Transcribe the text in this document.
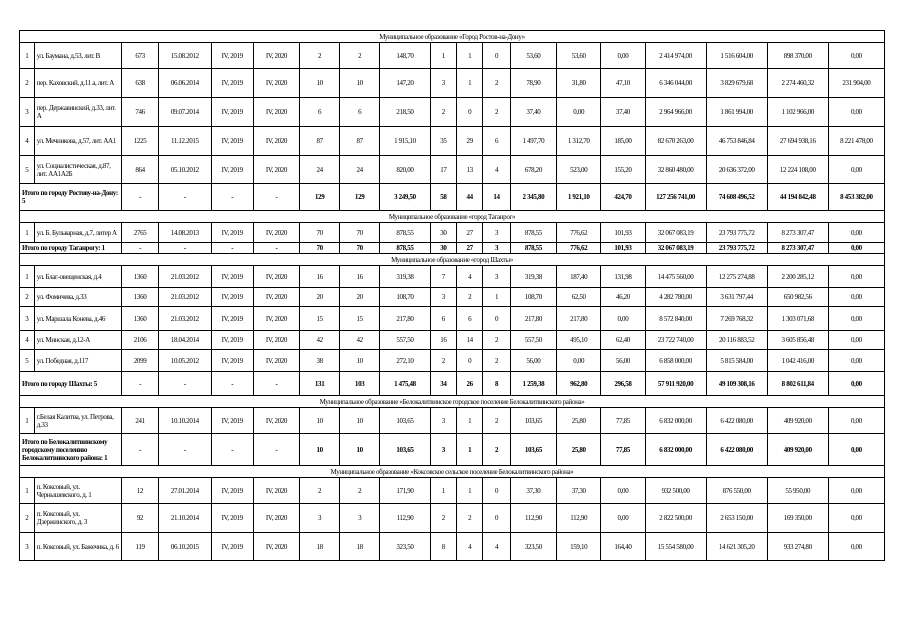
Муниципальное образование «Город Ростов-на-Дону»																		
1	ул. Баумана, д.53, лит. В	673	15.08.2012	IV, 2019	IV, 2020	2	2	148,70	1	1	0	53,60	53,60	0,00	2 414 974,00	1 516 604,00	898 370,00	0,00
2	пер. Каховский, д.11 а, лит. А	638	06.06.2014	IV, 2019	IV, 2020	10	10	147,20	3	1	2	78,90	31,80	47,10	6 346 044,00	3 829 679,68	2 274 460,32	231 904,00
3	пер. Державинский, д.33, лит. А	746	09.07.2014	IV, 2019	IV, 2020	6	6	218,50	2	0	2	37,40	0,00	37,40	2 964 966,00	1 861 994,00	1 102 966,00	0,00
4	ул. Мечникова, д.57, лит. АА1	1225	11.12.2015	IV, 2019	IV, 2020	87	87	1 915,10	35	29	6	1 497,70	1 312,70	185,00	82 670 263,00	46 753 846,84	27 694 938,16	8 221 478,00
5	ул. Социалистическая, д.87, лит. АА1А2Б	864	05.10.2012	IV, 2019	IV, 2020	24	24	820,00	17	13	4	678,20	523,00	155,20	32 860 480,00	20 636 372,00	12 224 108,00	0,00
Итого по городу Ростову-на-Дону: 5		-	-	-	-	129	129	3 249,50	58	44	14	2 345,80	1 921,10	424,70	127 256 741,00	74 608 496,52	44 194 842,48	8 453 382,00
Муниципальное образование «город Таганрог»																		
1	ул. Б. Бульварная, д.7, литер А	2765	14.08.2013	IV, 2019	IV, 2020	70	70	878,55	30	27	3	878,55	776,62	101,93	32 067 083,19	23 793 775,72	8 273 307,47	0,00
Итого по городу Таганрогу: 1		-	-	-	-	70	70	878,55	30	27	3	878,55	776,62	101,93	32 067 083,19	23 793 775,72	8 273 307,47	0,00
Муниципальное образование «город Шахты»																		
1	ул. Благ-овещенская, д.4	1360	21.03.2012	IV, 2019	IV, 2020	16	16	319,38	7	4	3	319,38	187,40	131,98	14 475 560,00	12 275 274,88	2 200 285,12	0,00
2	ул. Фомичева, д.33	1360	21.03.2012	IV, 2019	IV, 2020	20	20	108,70	3	2	1	108,70	62,50	46,20	4 282 780,00	3 631 797,44	650 982,56	0,00
3	ул. Маршала Конева, д.46	1360	21.03.2012	IV, 2019	IV, 2020	15	15	217,80	6	6	0	217,80	217,80	0,00	8 572 840,00	7 269 768,32	1 303 071,68	0,00
4	ул. Минская, д.12-А	2106	18.04.2014	IV, 2019	IV, 2020	42	42	557,50	16	14	2	557,50	495,10	62,40	23 722 740,00	20 116 883,52	3 605 856,48	0,00
5	ул. Победная, д.117	2099	10.05.2012	IV, 2019	IV, 2020	38	10	272,10	2	0	2	56,00	0,00	56,00	6 858 000,00	5 815 584,00	1 042 416,00	0,00
Итого по городу Шахты: 5		-	-	-	-	131	103	1 475,48	34	26	8	1 259,38	962,80	296,58	57 911 920,00	49 109 308,16	8 802 611,84	0,00
Муниципальное образование «Белокалитвинское городское поселение Белокалитвинского района»																		
1	г.Белая Калитва, ул. Петрова, д.33	241	10.10.2014	IV, 2019	IV, 2020	10	10	103,65	3	1	2	103,65	25,80	77,85	6 832 000,00	6 422 080,00	409 920,00	0,00
Итого по Белокалитвинскому городскому поселению Белокалитвинского района: 1		-	-	-	-	10	10	103,65	3	1	2	103,65	25,80	77,85	6 832 000,00	6 422 080,00	409 920,00	0,00
Муниципальное образование «Коксовское сельское поселение Белокалитвинского района»																		
1	п. Коксовый, ул. Чернышевского, д. 1	12	27.01.2014	IV, 2019	IV, 2020	2	2	171,90	1	1	0	37,30	37,30	0,00	932 500,00	876 550,00	55 950,00	0,00
2	п. Коксовый, ул. Дзержинского, д. 3	92	21.10.2014	IV, 2019	IV, 2020	3	3	112,90	2	2	0	112,90	112,90	0,00	2 822 500,00	2 653 150,00	169 350,00	0,00
3	п. Коксовый, ул. Бажечика, д. 6	119	06.10.2015	IV, 2019	IV, 2020	18	18	323,50	8	4	4	323,50	159,10	164,40	15 554 580,00	14 621 305,20	933 274,80	0,00
